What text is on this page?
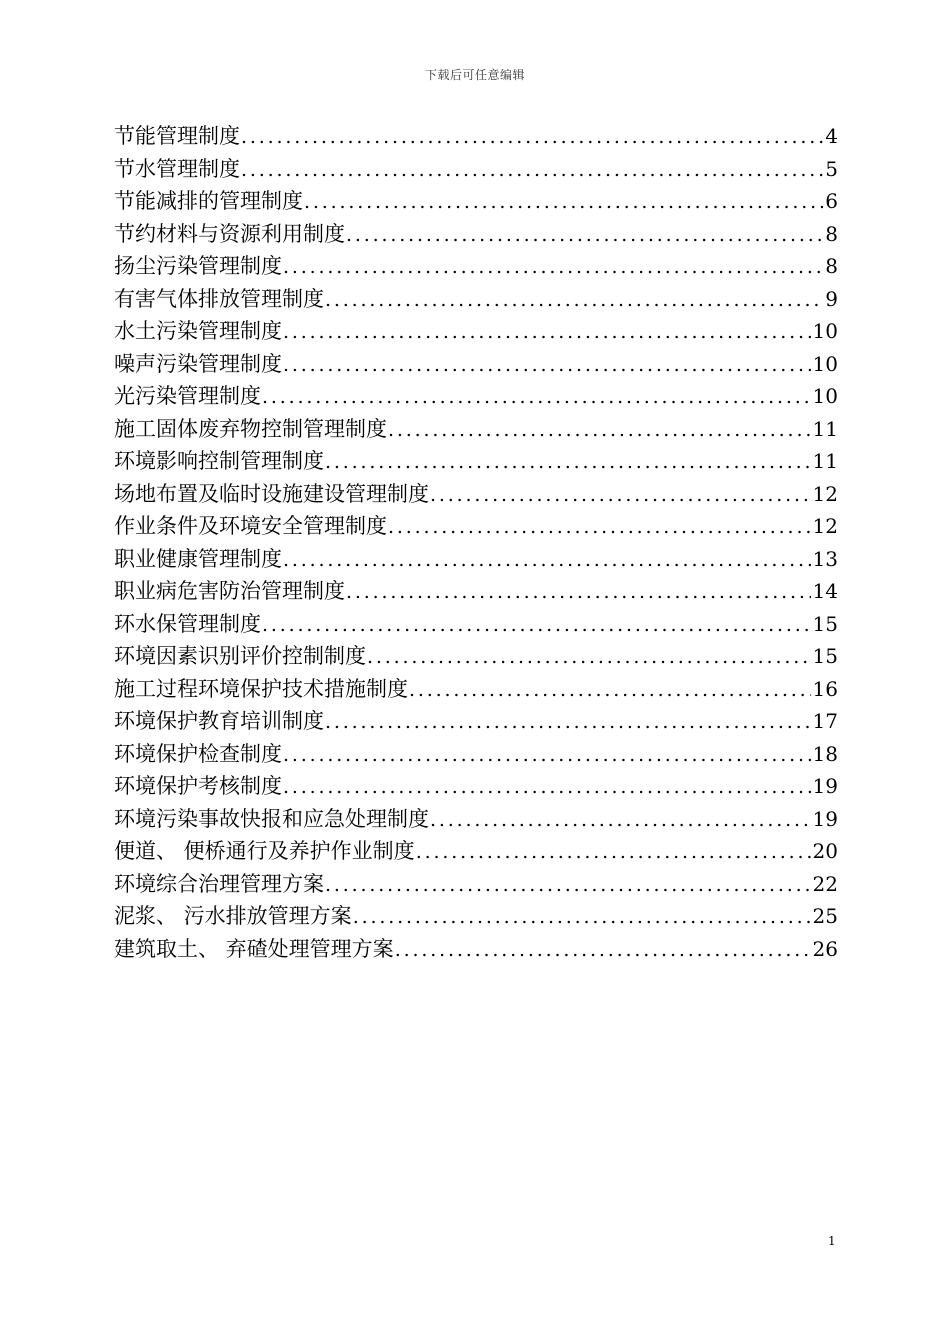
下载后可任意编辑
节能管理制度 . . .	4
节水管理制度 . . .	5
节能减排的管理制度 . . .	6
节约材料与资源利用制度 . . .	8
扬尘污染管理制度 . . .	8
有害气体排放管理制度 . . .	9
水土污染管理制度 . . .	10
噪声污染管理制度 . . .	10
光污染管理制度 . . .	10
施工固体废弃物控制管理制度 . . .	11
环境影响控制管理制度 . . .	11
场地布置及临时设施建设管理制度 . . .	12
作业条件及环境安全管理制度 . . .	12
职业健康管理制度 . . .	13
职业病危害防治管理制度 . . .	14
环水保管理制度 . . .	15
环境因素识别评价控制制度 . . .	15
施工过程环境保护技术措施制度 . . .	16
环境保护教育培训制度 . . .	17
环境保护检查制度 . . .	18
环境保护考核制度 . . .	19
环境污染事故快报和应急处理制度 . . .	19
便道、 便桥通行及养护作业制度 . . .	20
环境综合治理管理方案 . . .	22
泥浆、 污水排放管理方案 . . .	25
建筑取土、 弃碴处理管理方案 . . .	26
1
